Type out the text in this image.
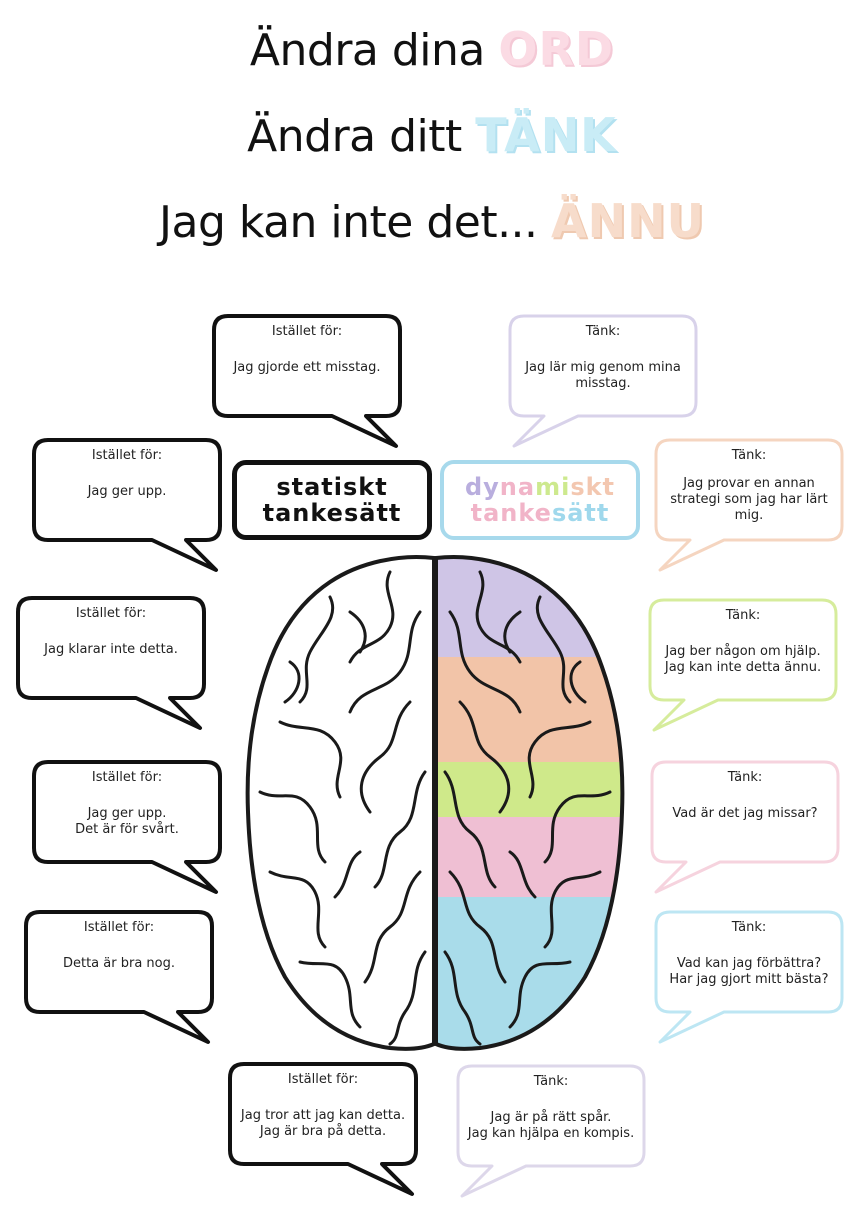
Ändra dina ORD
Ändra ditt TÄNK
Jag kan inte det... ÄNNU
statiskt
tankesätt
dynamiskt
tankesätt
Istället för:
Jag gjorde ett misstag.
Istället för:
Jag ger upp.
Istället för:
Jag klarar inte detta.
Istället för:
Jag ger upp.
Det är för svårt.
Istället för:
Detta är bra nog.
Istället för:
Jag tror att jag kan detta.
Jag är bra på detta.
Tänk:
Jag lär mig genom mina
misstag.
Tänk:
Jag provar en annan
strategi som jag har lärt
mig.
Tänk:
Jag ber någon om hjälp.
Jag kan inte detta ännu.
Tänk:
Vad är det jag missar?
Tänk:
Vad kan jag förbättra?
Har jag gjort mitt bästa?
Tänk:
Jag är på rätt spår.
Jag kan hjälpa en kompis.
